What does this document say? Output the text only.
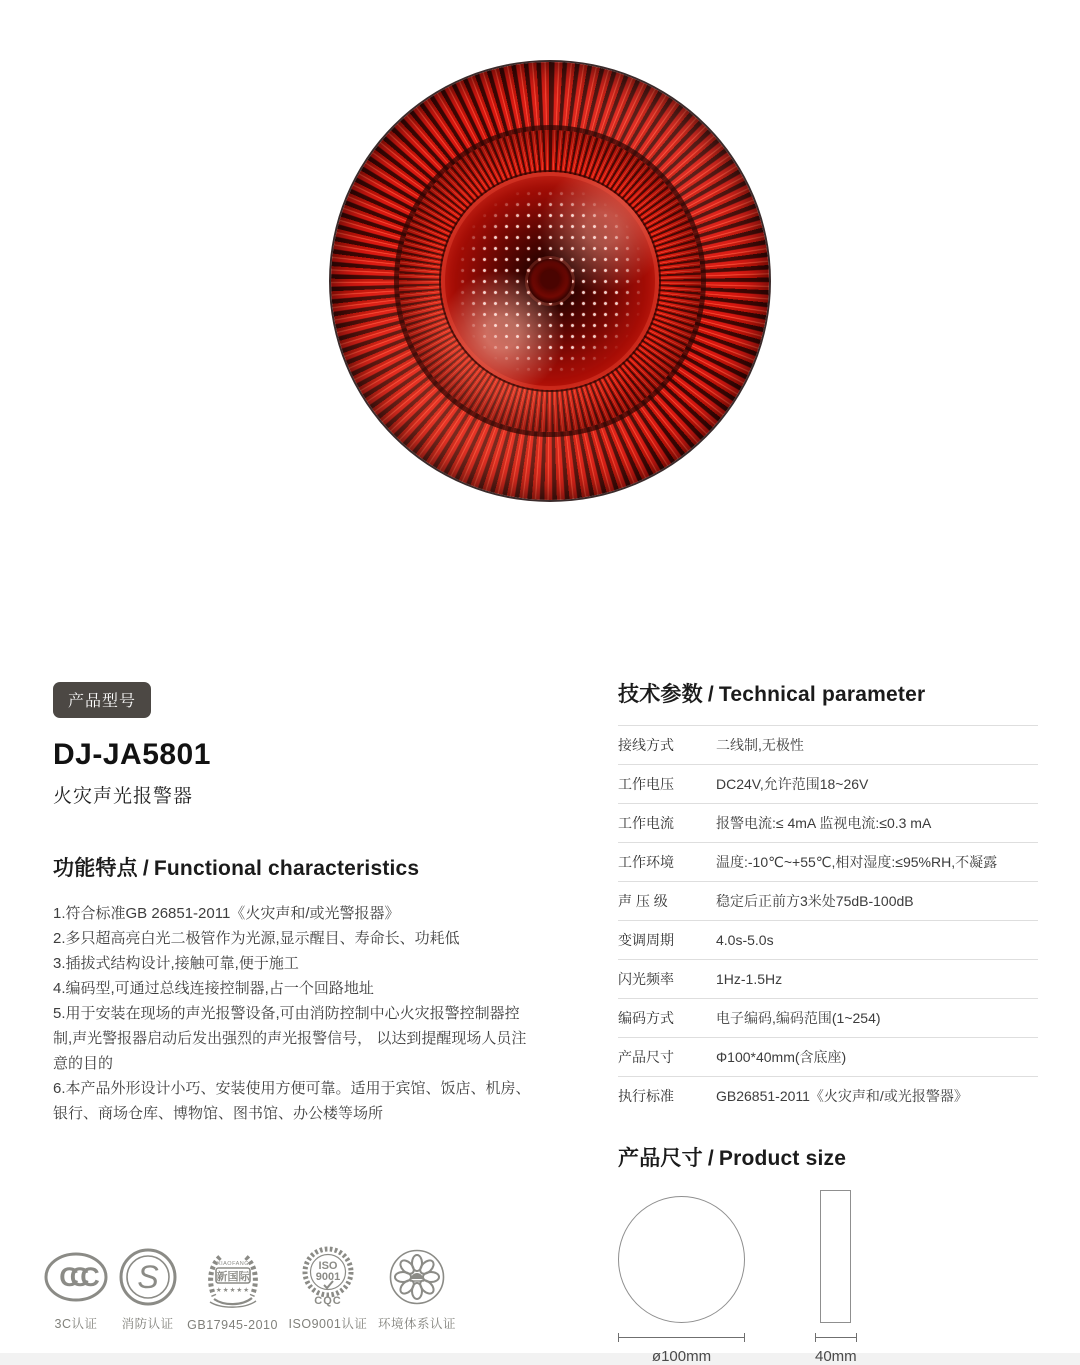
产品型号
DJ-JA5801
火灾声光报警器
功能特点 / Functional characteristics

1.符合标准GB 26851-2011《火灾声和/或光警报器》

2.多只超高亮白光二极管作为光源,显示醒目、寿命长、功耗低

3.插拔式结构设计,接触可靠,便于施工

4.编码型,可通过总线连接控制器,占一个回路地址

5.用于安装在现场的声光报警设备,可由消防控制中心火灾报警控制器控制,声光警报器启动后发出强烈的声光报警信号， 以达到提醒现场人员注意的目的

6.本产品外形设计小巧、安装使用方便可靠。适用于宾馆、饭店、机房、银行、商场仓库、博物馆、图书馆、办公楼等场所

CCC
3C认证
S
消防认证
XIAOFANG
新国际
★★★★★
GB17945-2010
ISO
9001
CQC
ISO9001认证 环境体系认证
技术参数 / Technical parameter
接线方式	二线制,无极性
工作电压	DC24V,允许范围18~26V
工作电流	报警电流:≤ 4mA 监视电流:≤0.3 mA
工作环境	温度:-10℃~+55℃,相对湿度:≤95%RH,不凝露
声 压 级	稳定后正前方3米处75dB-100dB
变调周期	4.0s-5.0s
闪光频率	1Hz-1.5Hz
编码方式	电子编码,编码范围(1~254)
产品尺寸	Φ100*40mm(含底座)
执行标准	GB26851-2011《火灾声和/或光报警器》
产品尺寸 / Product size
ø100mm	40mm
